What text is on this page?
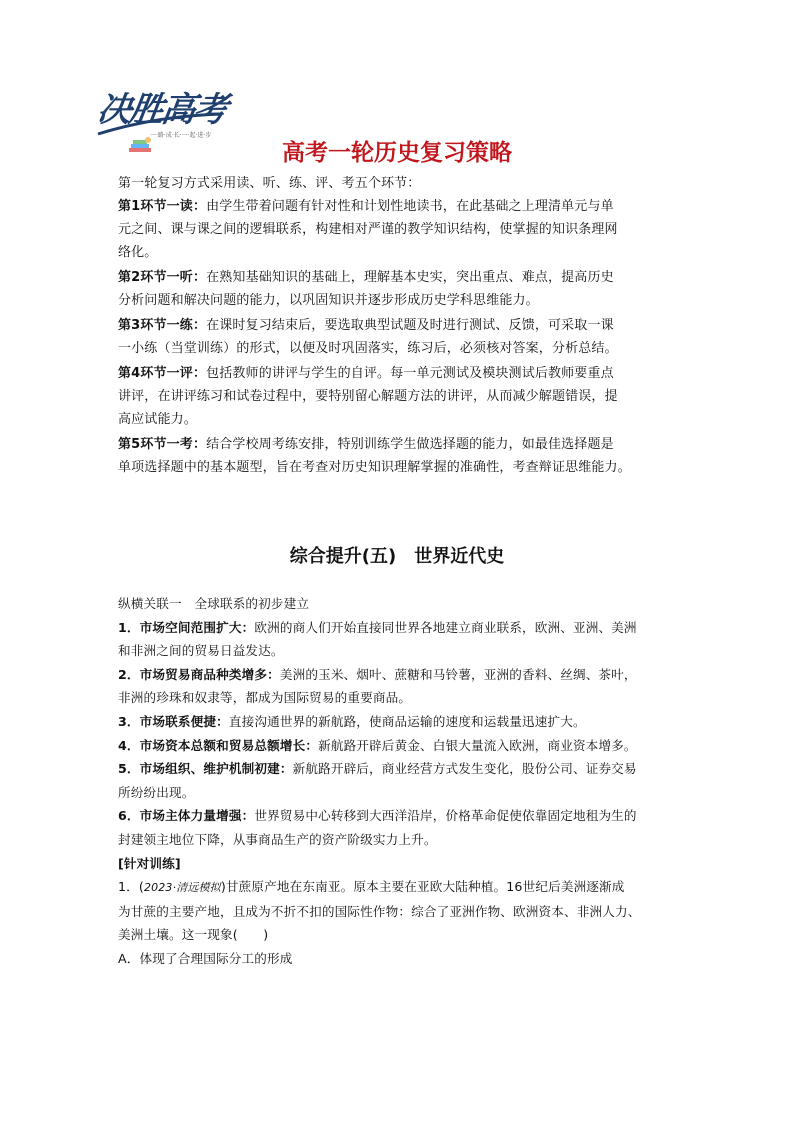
决胜高考
一·路·成·长·一·起·进·步
高考一轮历史复习策略

第一轮复习方式采用读、听、练、评、考五个环节：

第1环节一读：由学生带着问题有针对性和计划性地读书，在此基础之上理清单元与单

元之间、课与课之间的逻辑联系，构建相对严谨的教学知识结构，使掌握的知识条理网

络化。

第2环节一听：在熟知基础知识的基础上，理解基本史实，突出重点、难点，提高历史

分析问题和解决问题的能力，以巩固知识并逐步形成历史学科思维能力。

第3环节一练：在课时复习结束后，要选取典型试题及时进行测试、反馈，可采取一课

一小练（当堂训练）的形式，以便及时巩固落实，练习后，必须核对答案，分析总结。

第4环节一评：包括教师的讲评与学生的自评。每一单元测试及模块测试后教师要重点

讲评，在讲评练习和试卷过程中，要特别留心解题方法的讲评，从而减少解题错误，提

高应试能力。

第5环节一考：结合学校周考练安排，特别训练学生做选择题的能力，如最佳选择题是

单项选择题中的基本题型，旨在考查对历史知识理解掌握的准确性，考查辩证思维能力。

综合提升(五)　世界近代史

纵横关联一　全球联系的初步建立

1．市场空间范围扩大：欧洲的商人们开始直接同世界各地建立商业联系，欧洲、亚洲、美洲

和非洲之间的贸易日益发达。

2．市场贸易商品种类增多：美洲的玉米、烟叶、蔗糖和马铃薯，亚洲的香料、丝绸、茶叶，

非洲的珍珠和奴隶等，都成为国际贸易的重要商品。

3．市场联系便捷：直接沟通世界的新航路，使商品运输的速度和运载量迅速扩大。

4．市场资本总额和贸易总额增长：新航路开辟后黄金、白银大量流入欧洲，商业资本增多。

5．市场组织、维护机制初建：新航路开辟后，商业经营方式发生变化，股份公司、证券交易

所纷纷出现。

6．市场主体力量增强：世界贸易中心转移到大西洋沿岸，价格革命促使依靠固定地租为生的

封建领主地位下降，从事商品生产的资产阶级实力上升。

[针对训练]

1．(2023·清远模拟)甘蔗原产地在东南亚。原本主要在亚欧大陆种植。16世纪后美洲逐渐成

为甘蔗的主要产地，且成为不折不扣的国际性作物：综合了亚洲作物、欧洲资本、非洲人力、

美洲土壤。这一现象(　　)

A．体现了合理国际分工的形成
